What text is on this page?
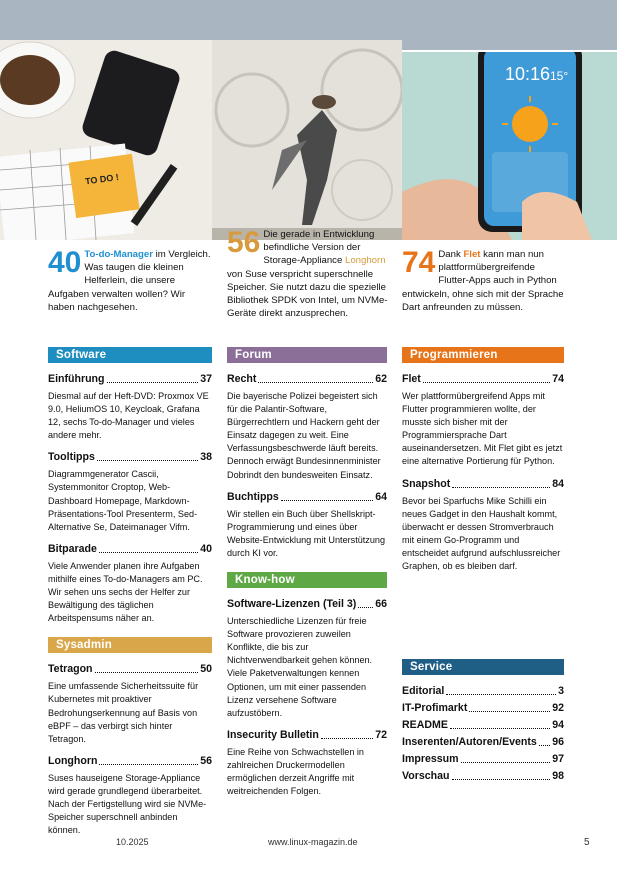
TO DO !
10:16 15°
40 To-do-Manager im Vergleich. Was taugen die kleinen Helferlein, die unsere Aufgaben verwalten wollen? Wir haben nachgesehen.
56 Die gerade in Entwicklung befindliche Version der Storage-Appliance Longhorn von Suse verspricht superschnelle Speicher. Sie nutzt dazu die spezielle Bibliothek SPDK von Intel, um NVMe-Geräte direkt anzusprechen.
74 Dank Flet kann man nun plattformübergreifende Flutter-Apps auch in Python entwickeln, ohne sich mit der Sprache Dart anfreunden zu müssen.
Software
Einführung	37
Diesmal auf der Heft-DVD: Proxmox VE 9.0, HeliumOS 10, Keycloak, Grafana 12, sechs To-do-Manager und vieles andere mehr.
Tooltipps	38
Diagrammgenerator Cascii, Systemmonitor Croptop, Web-Dashboard Homepage, Markdown-Präsentations-Tool Presenterm, Sed-Alternative Se, Dateimanager Vifm.
Bitparade	40
Viele Anwender planen ihre Aufgaben mithilfe eines To-do-Managers am PC. Wir sehen uns sechs der Helfer zur Bewältigung des täglichen Arbeitspensums näher an.
Sysadmin
Tetragon	50
Eine umfassende Sicherheitssuite für Kubernetes mit proaktiver Bedrohungserkennung auf Basis von eBPF – das verbirgt sich hinter Tetragon.
Longhorn	56
Suses hauseigene Storage-Appliance wird gerade grundlegend überarbeitet. Nach der Fertigstellung wird sie NVMe-Speicher superschnell anbinden können.
Forum
Recht	62
Die bayerische Polizei begeistert sich für die Palantir-Software, Bürgerrechtlern und Hackern geht der Einsatz dagegen zu weit. Eine Verfassungsbeschwerde läuft bereits. Dennoch erwägt Bundesinnenminister Dobrindt den bundesweiten Einsatz.
Buchtipps	64
Wir stellen ein Buch über Shellskript-Programmierung und eines über Website-Entwicklung mit Unterstützung durch KI vor.
Know-how
Software-Lizenzen (Teil 3) 66
Unterschiedliche Lizenzen für freie Software provozieren zuweilen Konflikte, die bis zur Nichtverwendbarkeit gehen können. Viele Paketverwaltungen kennen Optionen, um mit einer passenden Lizenz versehene Software aufzustöbern.
Insecurity Bulletin	72
Eine Reihe von Schwachstellen in zahlreichen Druckermodellen ermöglichen derzeit Angriffe mit weitreichenden Folgen.
Programmieren
Flet	74
Wer plattformübergreifend Apps mit Flutter programmieren wollte, der musste sich bisher mit der Programmiersprache Dart auseinandersetzen. Mit Flet gibt es jetzt eine alternative Portierung für Python.
Snapshot	84
Bevor bei Sparfuchs Mike Schilli ein neues Gadget in den Haushalt kommt, überwacht er dessen Stromverbrauch mit einem Go-Programm und entscheidet aufgrund aufschlussreicher Graphen, ob es bleiben darf.
Service
Editorial	3
IT-Profimarkt	92
README	94
Inserenten/Autoren/Events 96
Impressum	97
Vorschau	98
10.2025	www.linux-magazin.de	5
